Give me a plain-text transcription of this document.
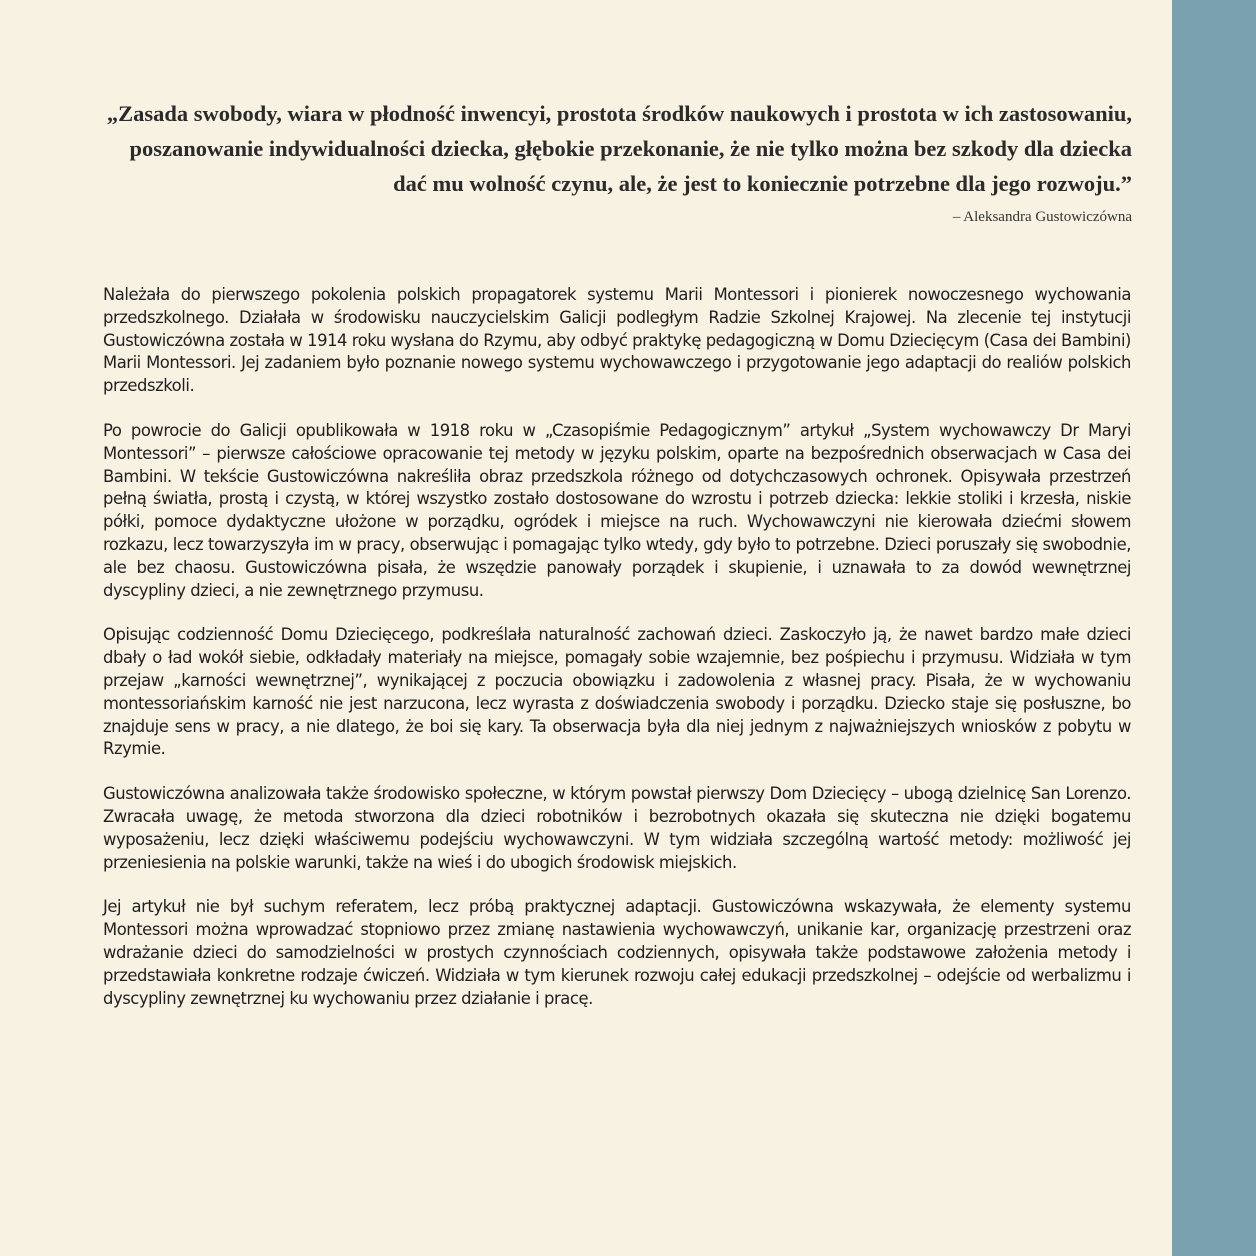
„Zasada swobody, wiara w płodność inwencyi, prostota środków naukowych i prostota w ich zastosowaniu, poszanowanie indywidualności dziecka, głębokie przekonanie, że nie tylko można bez szkody dla dziecka dać mu wolność czynu, ale, że jest to koniecznie potrzebne dla jego rozwoju.”

– Aleksandra Gustowiczówna

Należała do pierwszego pokolenia polskich propagatorek systemu Marii Montessori i pionierek nowoczesnego wychowania przedszkolnego. Działała w środowisku nauczycielskim Galicji podległym Radzie Szkolnej Krajowej. Na zlecenie tej instytucji Gustowiczówna została w 1914 roku wysłana do Rzymu, aby odbyć praktykę pedagogiczną w Domu Dziecięcym (Casa dei Bambini) Marii Montessori. Jej zadaniem było poznanie nowego systemu wychowawczego i przygotowanie jego adaptacji do realiów polskich przedszkoli.

Po powrocie do Galicji opublikowała w 1918 roku w „Czasopiśmie Pedagogicznym” artykuł „System wychowawczy Dr Maryi Montessori” – pierwsze całościowe opracowanie tej metody w języku polskim, oparte na bezpośrednich obserwacjach w Casa dei Bambini. W tekście Gustowiczówna nakreśliła obraz przedszkola różnego od dotychczasowych ochronek. Opisywała przestrzeń pełną światła, prostą i czystą, w której wszystko zostało dostosowane do wzrostu i potrzeb dziecka: lekkie stoliki i krzesła, niskie półki, pomoce dydaktyczne ułożone w porządku, ogródek i miejsce na ruch. Wychowawczyni nie kierowała dziećmi słowem rozkazu, lecz towarzyszyła im w pracy, obserwując i pomagając tylko wtedy, gdy było to potrzebne. Dzieci poruszały się swobodnie, ale bez chaosu. Gustowiczówna pisała, że wszędzie panowały porządek i skupienie, i uznawała to za dowód wewnętrznej dyscypliny dzieci, a nie zewnętrznego przymusu.

Opisując codzienność Domu Dziecięcego, podkreślała naturalność zachowań dzieci. Zaskoczyło ją, że nawet bardzo małe dzieci dbały o ład wokół siebie, odkładały materiały na miejsce, pomagały sobie wzajemnie, bez pośpiechu i przymusu. Widziała w tym przejaw „karności wewnętrznej”, wynikającej z poczucia obowiązku i zadowolenia z własnej pracy. Pisała, że w wychowaniu montessoriańskim karność nie jest narzucona, lecz wyrasta z doświadczenia swobody i porządku. Dziecko staje się posłuszne, bo znajduje sens w pracy, a nie dlatego, że boi się kary. Ta obserwacja była dla niej jednym z najważniejszych wniosków z pobytu w Rzymie.

Gustowiczówna analizowała także środowisko społeczne, w którym powstał pierwszy Dom Dziecięcy – ubogą dzielnicę San Lorenzo. Zwracała uwagę, że metoda stworzona dla dzieci robotników i bezrobotnych okazała się skuteczna nie dzięki bogatemu wyposażeniu, lecz dzięki właściwemu podejściu wychowawczyni. W tym widziała szczególną wartość metody: możliwość jej przeniesienia na polskie warunki, także na wieś i do ubogich środowisk miejskich.

Jej artykuł nie był suchym referatem, lecz próbą praktycznej adaptacji. Gustowiczówna wskazywała, że elementy systemu Montessori można wprowadzać stopniowo przez zmianę nastawienia wychowawczyń, unikanie kar, organizację przestrzeni oraz wdrażanie dzieci do samodzielności w prostych czynnościach codziennych, opisywała także podstawowe założenia metody i przedstawiała konkretne rodzaje ćwiczeń. Widziała w tym kierunek rozwoju całej edukacji przedszkolnej – odejście od werbalizmu i dyscypliny zewnętrznej ku wychowaniu przez działanie i pracę.
